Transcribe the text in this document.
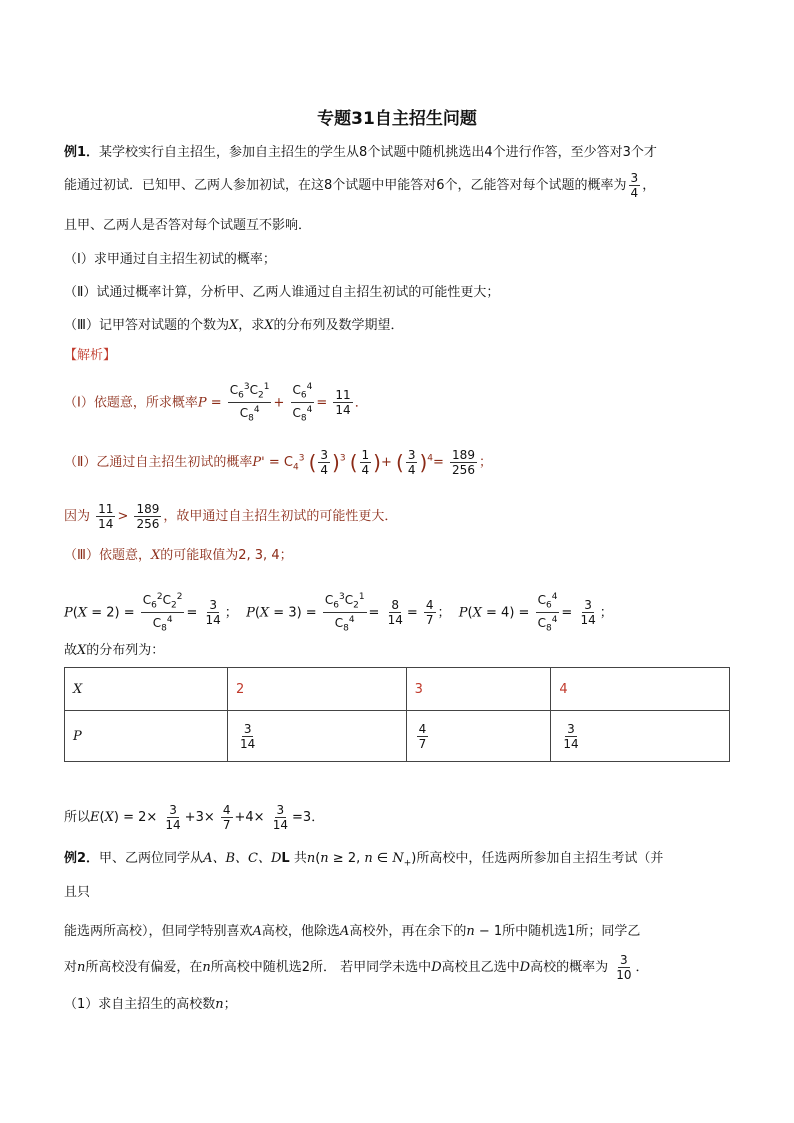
专题31自主招生问题
例1．某学校实行自主招生，参加自主招生的学生从8个试题中随机挑选出4个进行作答，至少答对3个才
能通过初试．已知甲、乙两人参加初试，在这8个试题中甲能答对6个，乙能答对每个试题的概率为 $\frac{3}{4}$ ，
且甲、乙两人是否答对每个试题互不影响．
（Ⅰ）求甲通过自主招生初试的概率；
（Ⅱ）试通过概率计算，分析甲、乙两人谁通过自主招生初试的可能性更大；
（Ⅲ）记甲答对试题的个数为X，求X的分布列及数学期望．
【解析】
（Ⅰ）依题意，所求概率$P = \frac{C_6^3C_2^1}{C_8^4} + \frac{C_6^4}{C_8^4} = \frac{11}{14}$ ．
（Ⅱ）乙通过自主招生初试的概率$P' = C_4^3$ ( $\frac{3}{4} )^3$ ( $\frac{1}{4}$ )+ ( $\frac{3}{4} )^4= \frac{189}{256}$ ；
因为 $\frac{11}{14} > \frac{189}{256}$ ，故甲通过自主招生初试的可能性更大．
（Ⅲ）依题意，X的可能取值为2, 3, 4；
$P(X = 2) = \frac{C_6^2C_2^2}{C_8^4} = \frac{3}{14}$ ；  $P(X = 3) = \frac{C_6^3C_2^1}{C_8^4} = \frac{8}{14} = \frac{4}{7}$ ；  $P(X = 4) = \frac{C_6^4}{C_8^4} = \frac{3}{14}$ ；
故X的分布列为：
X	2	3	4
P	$\frac{3}{14}$	$\frac{4}{7}$	$\frac{3}{14}$
所以$E(X) = 2\times \frac{3}{14} +3\times \frac{4}{7} +4\times \frac{3}{14} =3$．
例2．甲、乙两位同学从A、B、C、DL 共n(n ≥ 2, n ∈ $N_+$)所高校中，任选两所参加自主招生考试（并
且只
能选两所高校），但同学特别喜欢A高校，他除选A高校外，再在余下的n − 1所中随机选1所；同学乙
对n所高校没有偏爱，在n所高校中随机选2所． 若甲同学未选中D高校且乙选中D高校的概率为 $\frac{3}{10}$ ．
（1）求自主招生的高校数n；
